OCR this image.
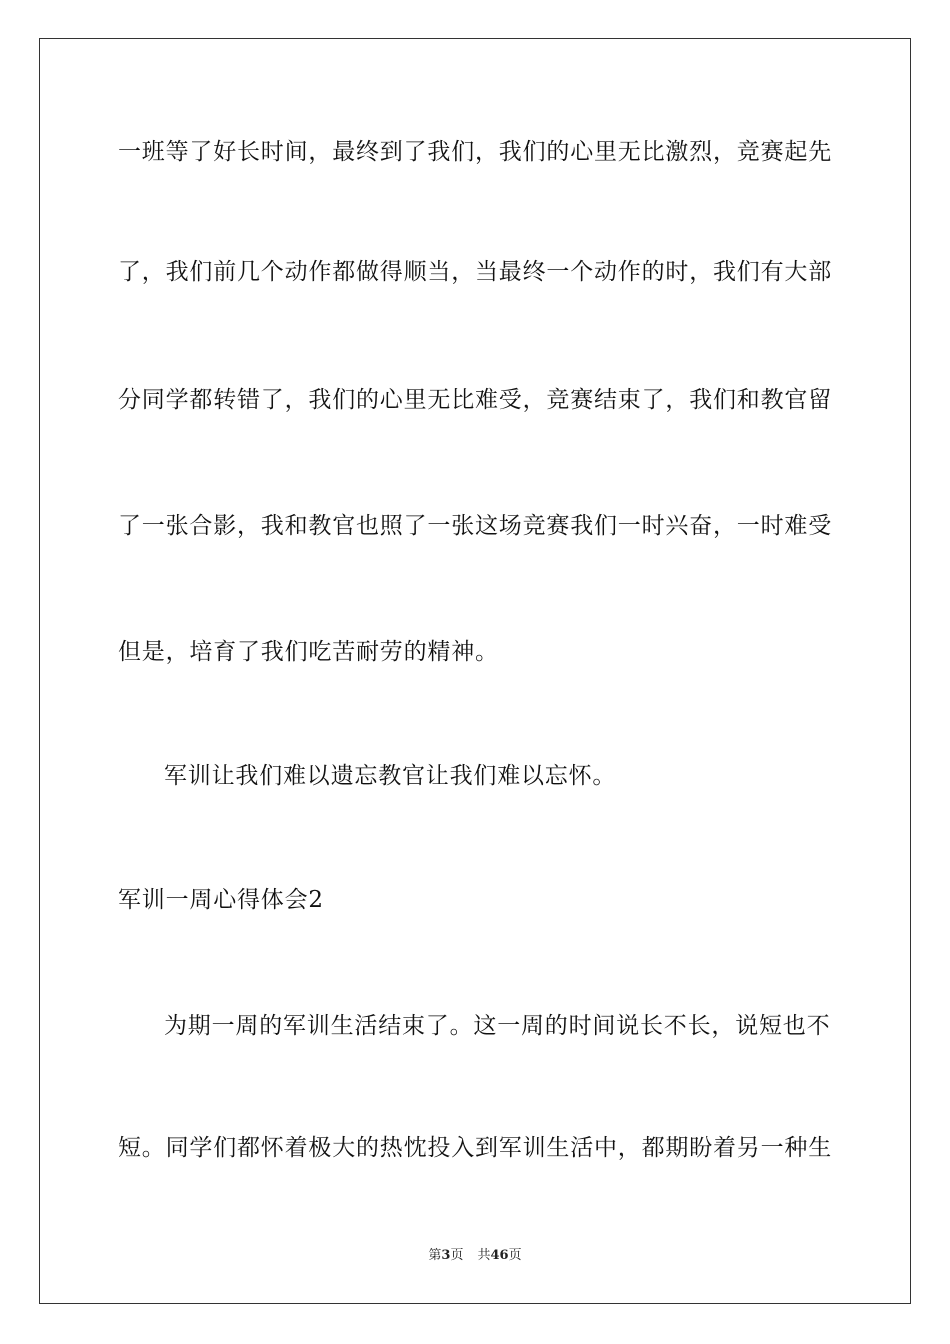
一班等了好长时间，最终到了我们，我们的心里无比激烈，竞赛起先
了，我们前几个动作都做得顺当，当最终一个动作的时，我们有大部
分同学都转错了，我们的心里无比难受，竞赛结束了，我们和教官留
了一张合影，我和教官也照了一张这场竞赛我们一时兴奋，一时难受
但是，培育了我们吃苦耐劳的精神。
军训让我们难以遗忘教官让我们难以忘怀。
军训一周心得体会2
为期一周的军训生活结束了。这一周的时间说长不长，说短也不
短。同学们都怀着极大的热忱投入到军训生活中，都期盼着另一种生
第3页 共46页
